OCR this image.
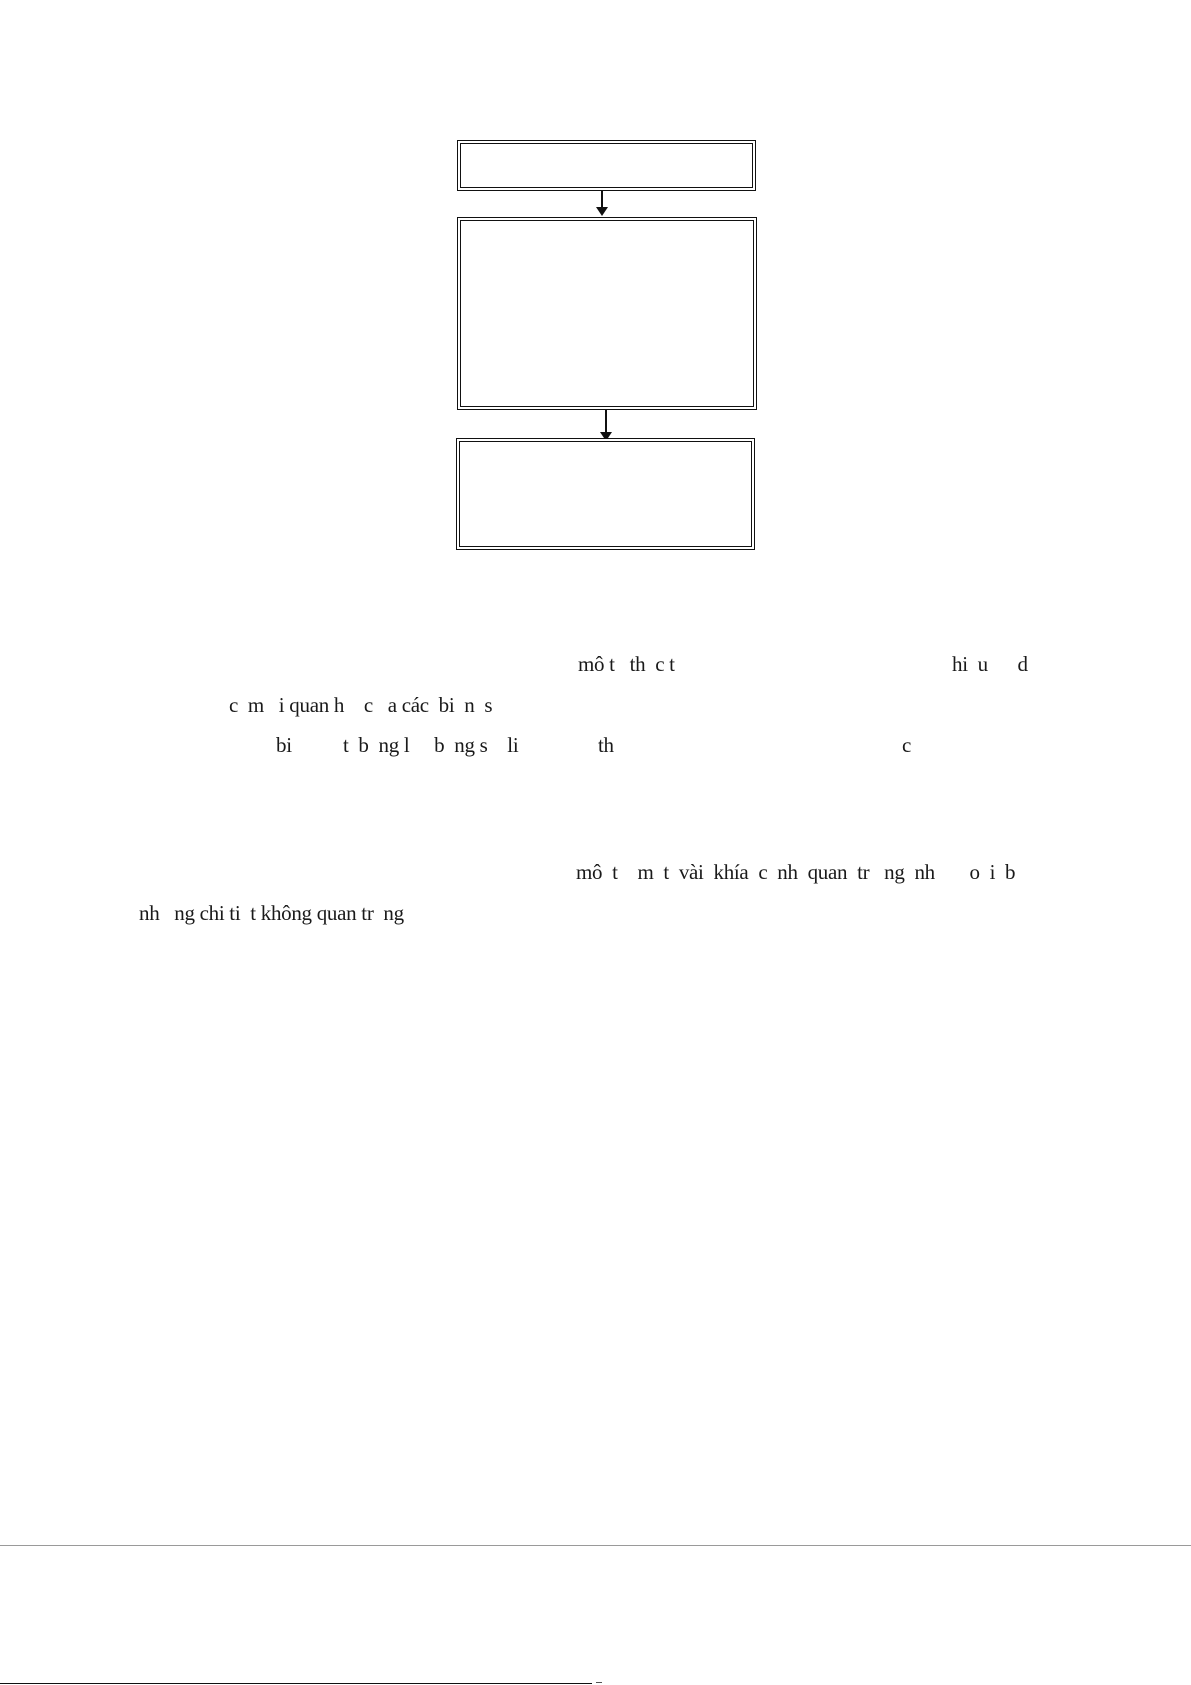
mô t   th  c t	hi  u      d
c  m   i quan h    c   a các  bi  n  s
bi t  b  ng l     b  ng s    li	th	c
mô  t    m  t  vài  khía  c  nh  quan  tr   ng  nh       o  i  b
nh   ng chi ti  t không quan tr  ng
